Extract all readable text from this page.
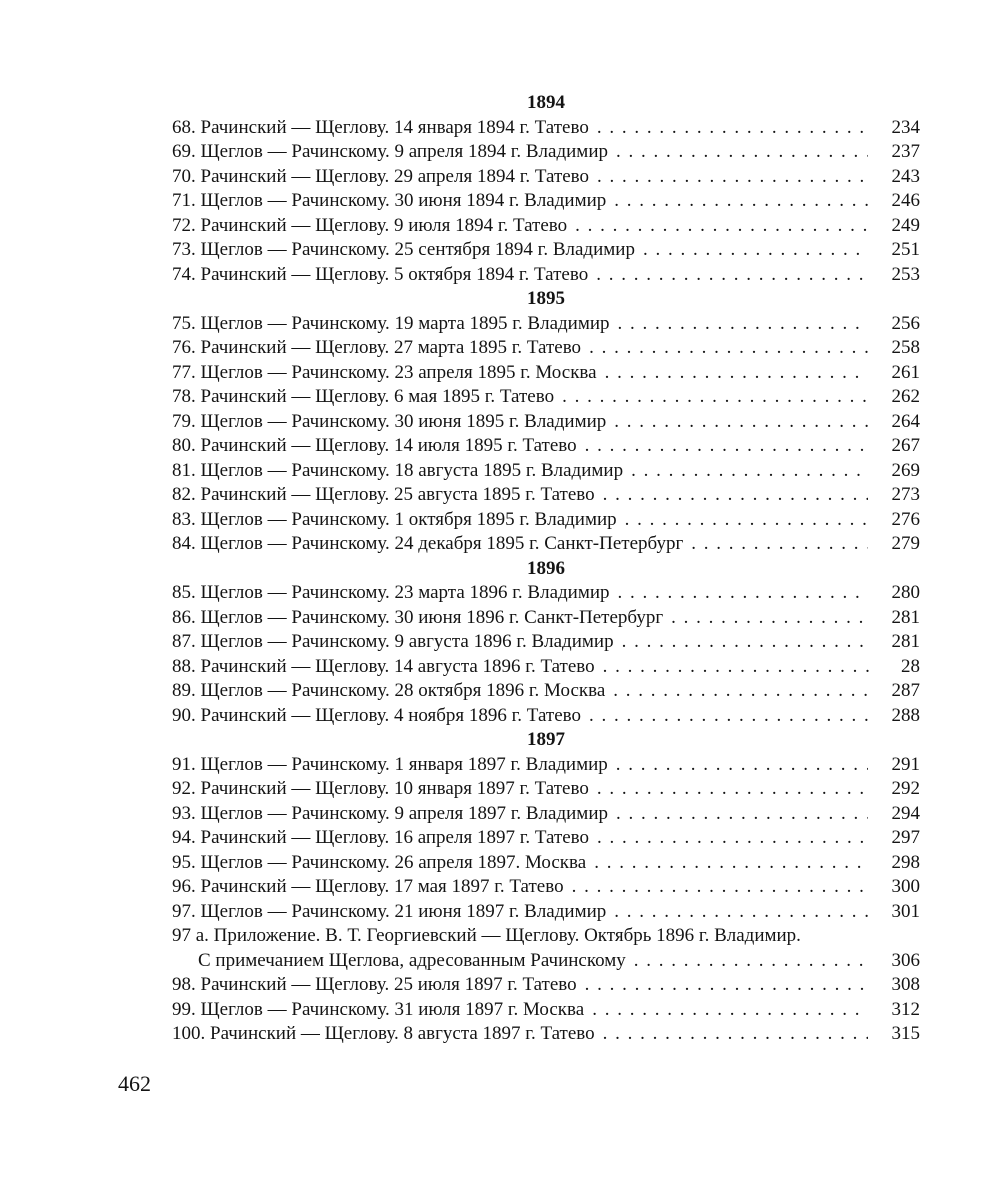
1894
68. Рачинский — Щеглову. 14 января 1894 г. Татево . . .	234
69. Щеглов — Рачинскому. 9 апреля 1894 г. Владимир . . .	237
70. Рачинский — Щеглову. 29 апреля 1894 г. Татево . . .	243
71. Щеглов — Рачинскому. 30 июня 1894 г. Владимир . . .	246
72. Рачинский — Щеглову. 9 июля 1894 г. Татево . . .	249
73. Щеглов — Рачинскому. 25 сентября 1894 г. Владимир . . .	251
74. Рачинский — Щеглову. 5 октября 1894 г. Татево . . .	253
1895
75. Щеглов — Рачинскому. 19 марта 1895 г. Владимир . . .	256
76. Рачинский — Щеглову. 27 марта 1895 г. Татево . . .	258
77. Щеглов — Рачинскому. 23 апреля 1895 г. Москва . . .	261
78. Рачинский — Щеглову. 6 мая 1895 г. Татево . . .	262
79. Щеглов — Рачинскому. 30 июня 1895 г. Владимир . . .	264
80. Рачинский — Щеглову. 14 июля 1895 г. Татево . . .	267
81. Щеглов — Рачинскому. 18 августа 1895 г. Владимир . . .	269
82. Рачинский — Щеглову. 25 августа 1895 г. Татево . . .	273
83. Щеглов — Рачинскому. 1 октября 1895 г. Владимир . . .	276
84. Щеглов — Рачинскому. 24 декабря 1895 г. Санкт-Петербург . . .	279
1896
85. Щеглов — Рачинскому. 23 марта 1896 г. Владимир . . .	280
86. Щеглов — Рачинскому. 30 июня 1896 г. Санкт-Петербург . . .	281
87. Щеглов — Рачинскому. 9 августа 1896 г. Владимир . . .	281
88. Рачинский — Щеглову. 14 августа 1896 г. Татево . . .	28
89. Щеглов — Рачинскому. 28 октября 1896 г. Москва . . .	287
90. Рачинский — Щеглову. 4 ноября 1896 г. Татево . . .	288
1897
91. Щеглов — Рачинскому. 1 января 1897 г. Владимир . . .	291
92. Рачинский — Щеглову. 10 января 1897 г. Татево . . .	292
93. Щеглов — Рачинскому. 9 апреля 1897 г. Владимир . . .	294
94. Рачинский — Щеглову. 16 апреля 1897 г. Татево . . .	297
95. Щеглов — Рачинскому. 26 апреля 1897. Москва . . .	298
96. Рачинский — Щеглову. 17 мая 1897 г. Татево . . .	300
97. Щеглов — Рачинскому. 21 июня 1897 г. Владимир . . .	301
97 а. Приложение. В. Т. Георгиевский — Щеглову. Октябрь 1896 г. Владимир.
С примечанием Щеглова, адресованным Рачинскому . . .	306
98. Рачинский — Щеглову. 25 июля 1897 г. Татево . . .	308
99. Щеглов — Рачинскому. 31 июля 1897 г. Москва . . .	312
100. Рачинский — Щеглову. 8 августа 1897 г. Татево . . .	315
462
